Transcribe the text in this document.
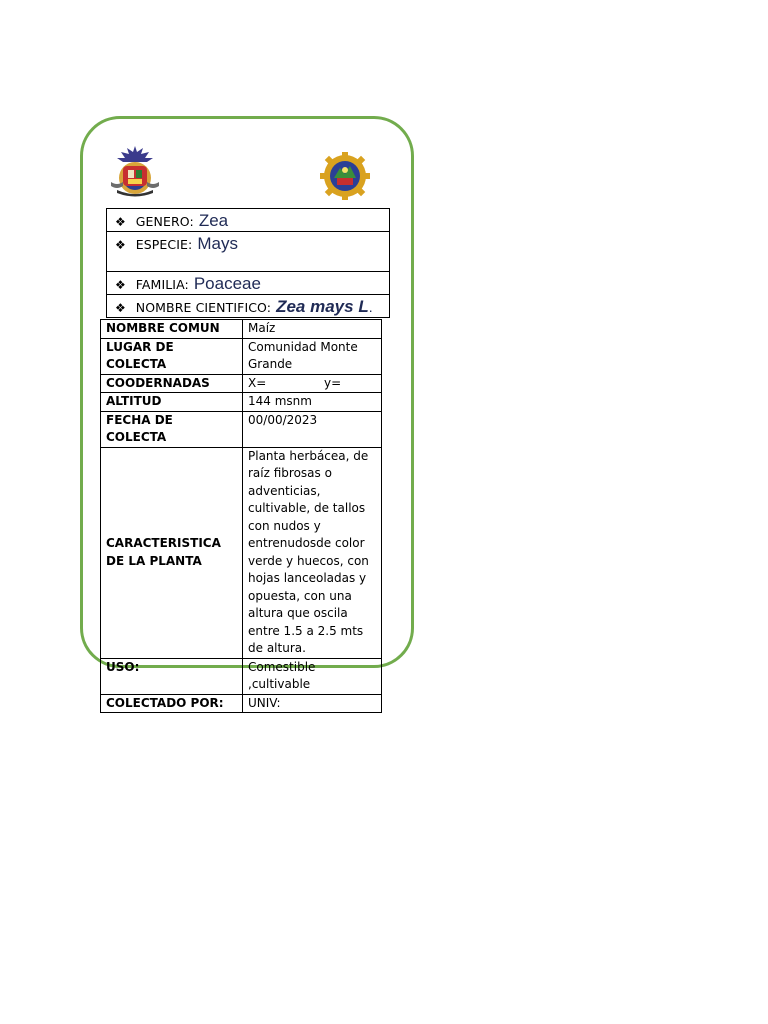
❖ GENERO: Zea
❖ ESPECIE: Mays
❖ FAMILIA: Poaceae
❖ NOMBRE CIENTIFICO: Zea mays L .
NOMBRE COMUN	Maíz
LUGAR DE COLECTA	Comunidad Monte Grande
COODERNADAS	X= y=

ALTITUD	144 msnm
FECHA DE COLECTA	00/00/2023
CARACTERISTICA DE LA PLANTA	Planta herbácea, de raíz fibrosas o adventicias, cultivable, de tallos con nudos y entrenudosde color verde y huecos, con hojas lanceoladas y opuesta, con una altura que oscila entre 1.5 a 2.5 mts de altura.
USO:	Comestible ,cultivable
COLECTADO POR:	UNIV:
